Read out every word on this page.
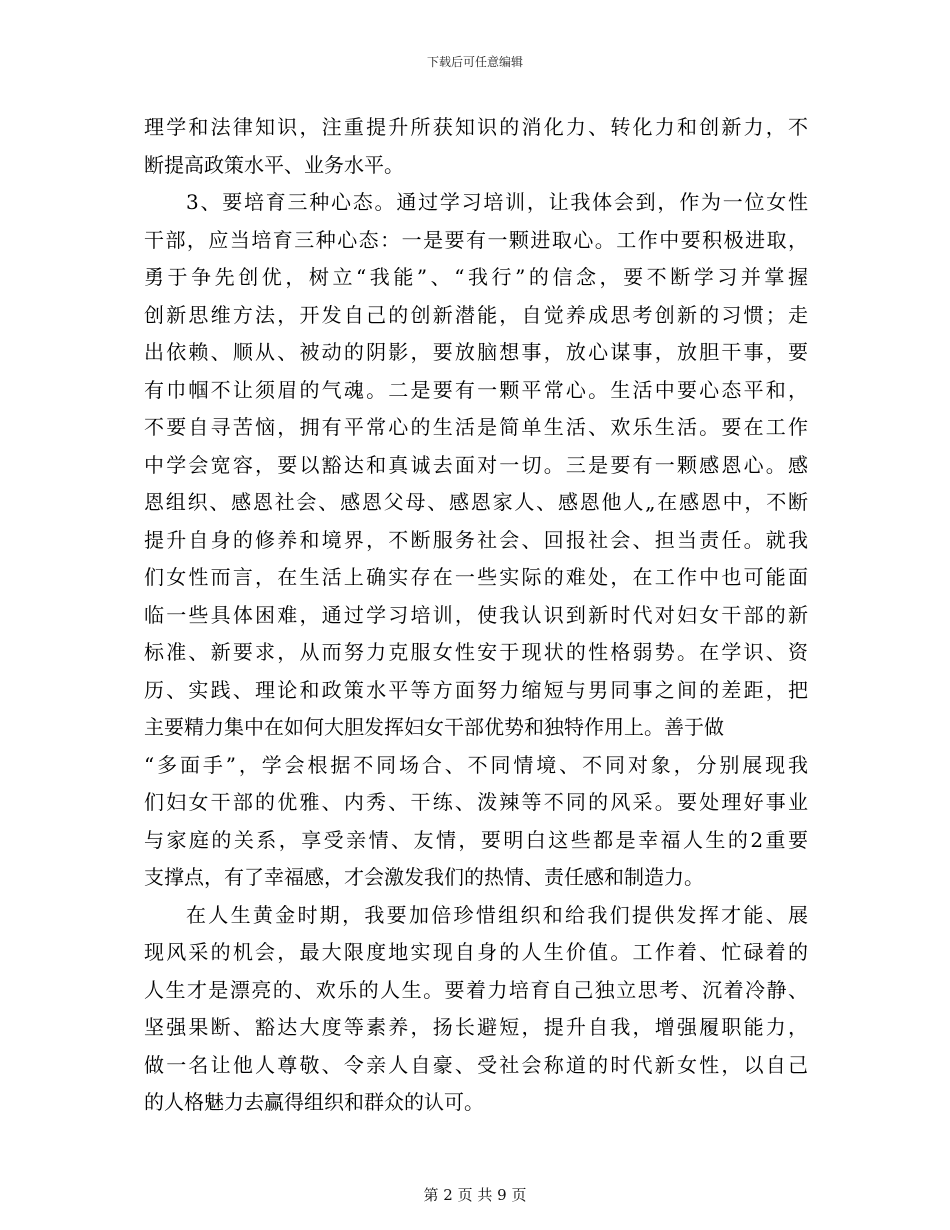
下载后可任意编辑
理学和法律知识，注重提升所获知识的消化力、转化力和创新力，不
断提高政策水平、业务水平。
3、要培育三种心态。通过学习培训，让我体会到，作为一位女性
干部，应当培育三种心态：一是要有一颗进取心。工作中要积极进取，
勇于争先创优，树立“我能”、“我行”的信念，要不断学习并掌握
创新思维方法，开发自己的创新潜能，自觉养成思考创新的习惯；走
出依赖、顺从、被动的阴影，要放脑想事，放心谋事，放胆干事，要
有巾帼不让须眉的气魂。二是要有一颗平常心。生活中要心态平和，
不要自寻苦恼，拥有平常心的生活是简单生活、欢乐生活。要在工作
中学会宽容，要以豁达和真诚去面对一切。三是要有一颗感恩心。感
恩组织、感恩社会、感恩父母、感恩家人、感恩他人„在感恩中，不断
提升自身的修养和境界，不断服务社会、回报社会、担当责任。就我
们女性而言，在生活上确实存在一些实际的难处，在工作中也可能面
临一些具体困难，通过学习培训，使我认识到新时代对妇女干部的新
标准、新要求，从而努力克服女性安于现状的性格弱势。在学识、资
历、实践、理论和政策水平等方面努力缩短与男同事之间的差距，把
主要精力集中在如何大胆发挥妇女干部优势和独特作用上。善于做
“多面手”，学会根据不同场合、不同情境、不同对象，分别展现我
们妇女干部的优雅、内秀、干练、泼辣等不同的风采。要处理好事业
与家庭的关系，享受亲情、友情，要明白这些都是幸福人生的2重要
支撑点，有了幸福感，才会激发我们的热情、责任感和制造力。
在人生黄金时期，我要加倍珍惜组织和给我们提供发挥才能、展
现风采的机会，最大限度地实现自身的人生价值。工作着、忙碌着的
人生才是漂亮的、欢乐的人生。要着力培育自己独立思考、沉着冷静、
坚强果断、豁达大度等素养，扬长避短，提升自我，增强履职能力，
做一名让他人尊敬、令亲人自豪、受社会称道的时代新女性，以自己
的人格魅力去赢得组织和群众的认可。
第 2 页 共 9 页
